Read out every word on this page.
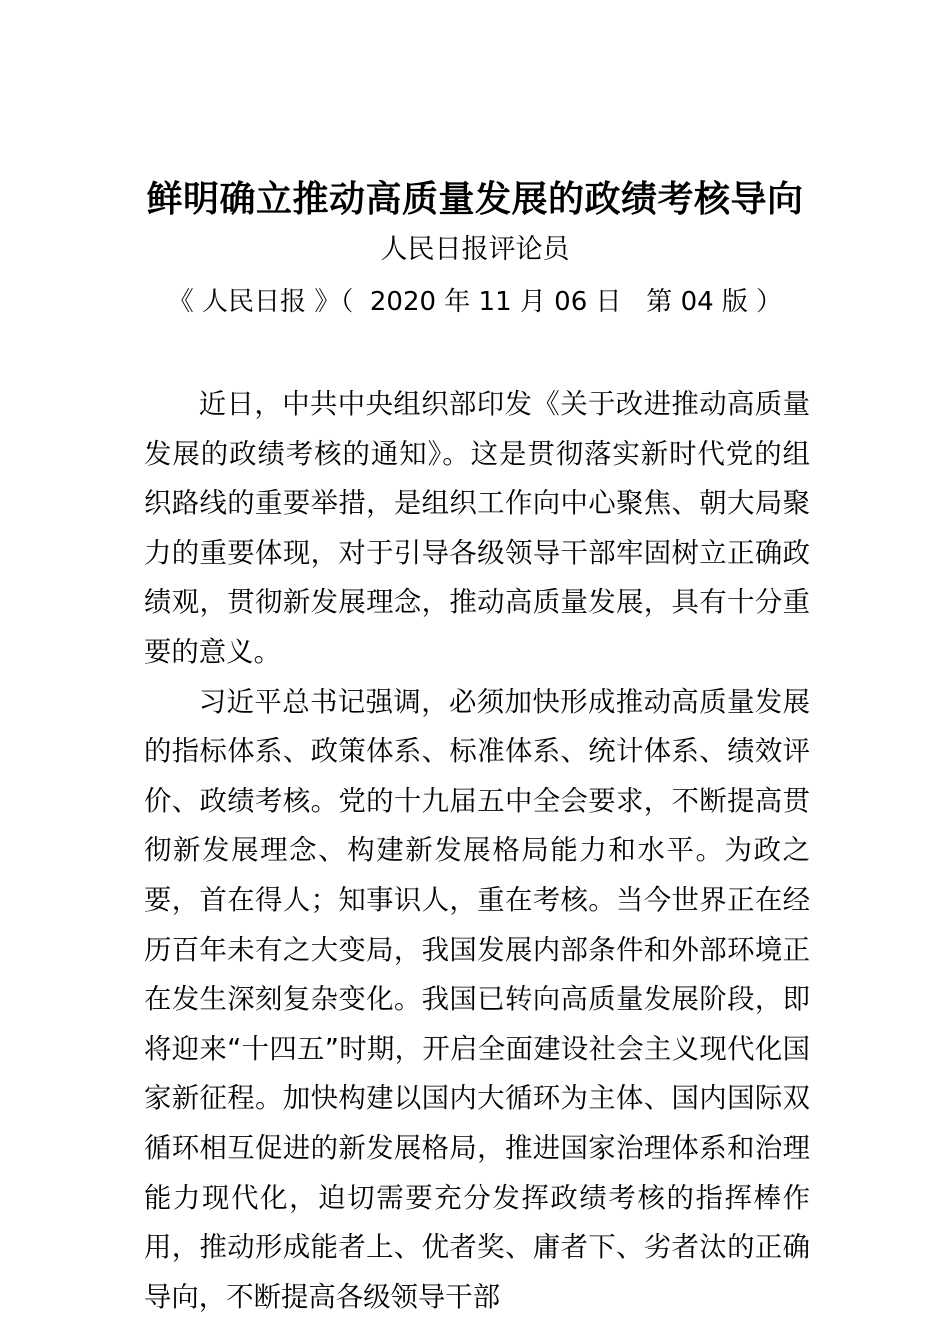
鲜明确立推动高质量发展的政绩考核导向
人民日报评论员
《 人民日报 》（  2020 年 11 月 06 日   第 04 版 ）

近日，中共中央组织部印发《关于改进推动高质量发展的政绩考核的通知》。这是贯彻落实新时代党的组织路线的重要举措，是组织工作向中心聚焦、朝大局聚力的重要体现，对于引导各级领导干部牢固树立正确政绩观，贯彻新发展理念，推动高质量发展，具有十分重要的意义。

习近平总书记强调，必须加快形成推动高质量发展的指标体系、政策体系、标准体系、统计体系、绩效评价、政绩考核。党的十九届五中全会要求，不断提高贯彻新发展理念、构建新发展格局能力和水平。为政之要，首在得人；知事识人，重在考核。当今世界正在经历百年未有之大变局，我国发展内部条件和外部环境正在发生深刻复杂变化。我国已转向高质量发展阶段，即将迎来“十四五”时期，开启全面建设社会主义现代化国家新征程。加快构建以国内大循环为主体、国内国际双循环相互促进的新发展格局，推进国家治理体系和治理能力现代化，迫切需要充分发挥政绩考核的指挥棒作用，推动形成能者上、优者奖、庸者下、劣者汰的正确导向，不断提高各级领导干部
